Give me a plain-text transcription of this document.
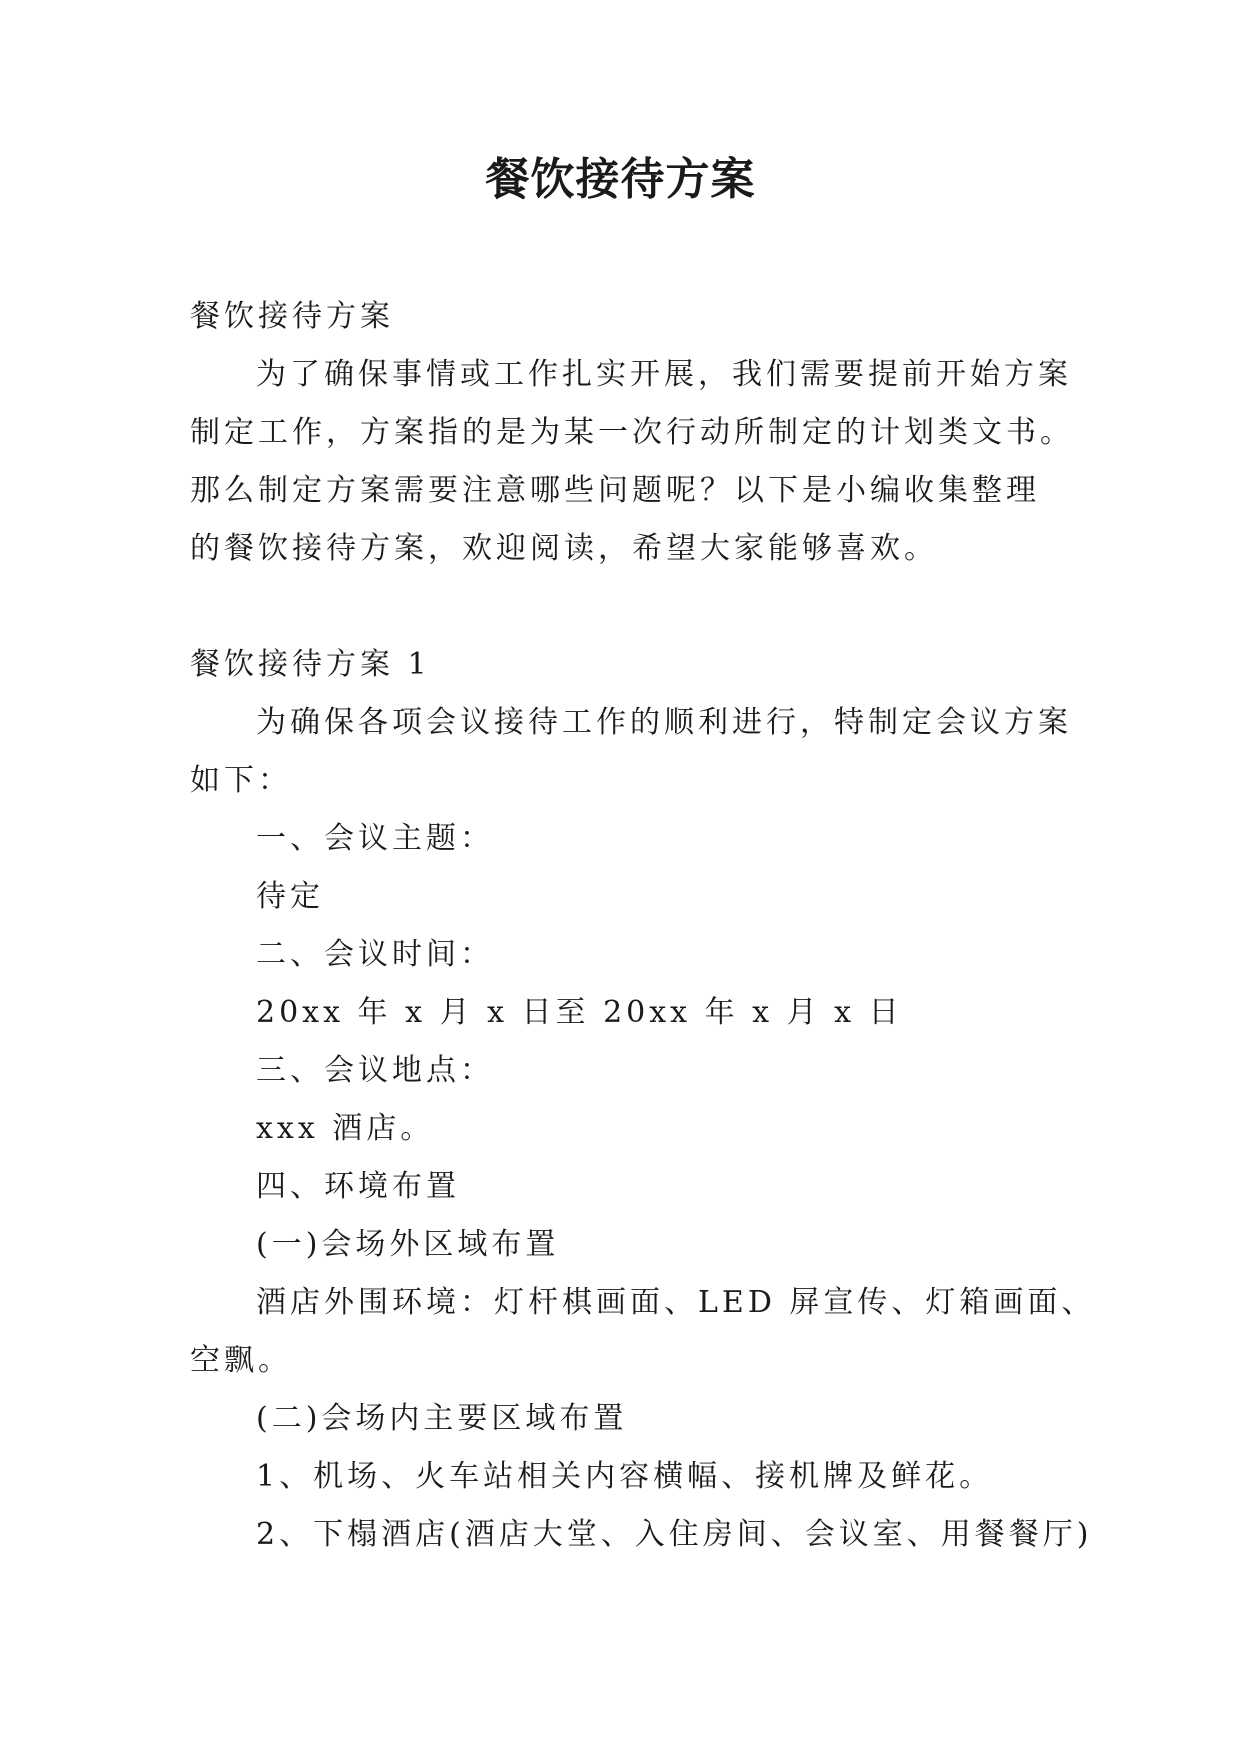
餐饮接待方案
餐饮接待方案
为了确保事情或工作扎实开展，我们需要提前开始方案
制定工作，方案指的是为某一次行动所制定的计划类文书。
那么制定方案需要注意哪些问题呢？以下是小编收集整理
的餐饮接待方案，欢迎阅读，希望大家能够喜欢。
餐饮接待方案 1
为确保各项会议接待工作的顺利进行，特制定会议方案
如下：
一、会议主题：
待定
二、会议时间：
20xx 年 x 月 x 日至 20xx 年 x 月 x 日
三、会议地点：
xxx 酒店。
四、环境布置
(一)会场外区域布置
酒店外围环境：灯杆棋画面、LED 屏宣传、灯箱画面、
空飘。
(二)会场内主要区域布置
1、机场、火车站相关内容横幅、接机牌及鲜花。
2、下榻酒店(酒店大堂、入住房间、会议室、用餐餐厅)
